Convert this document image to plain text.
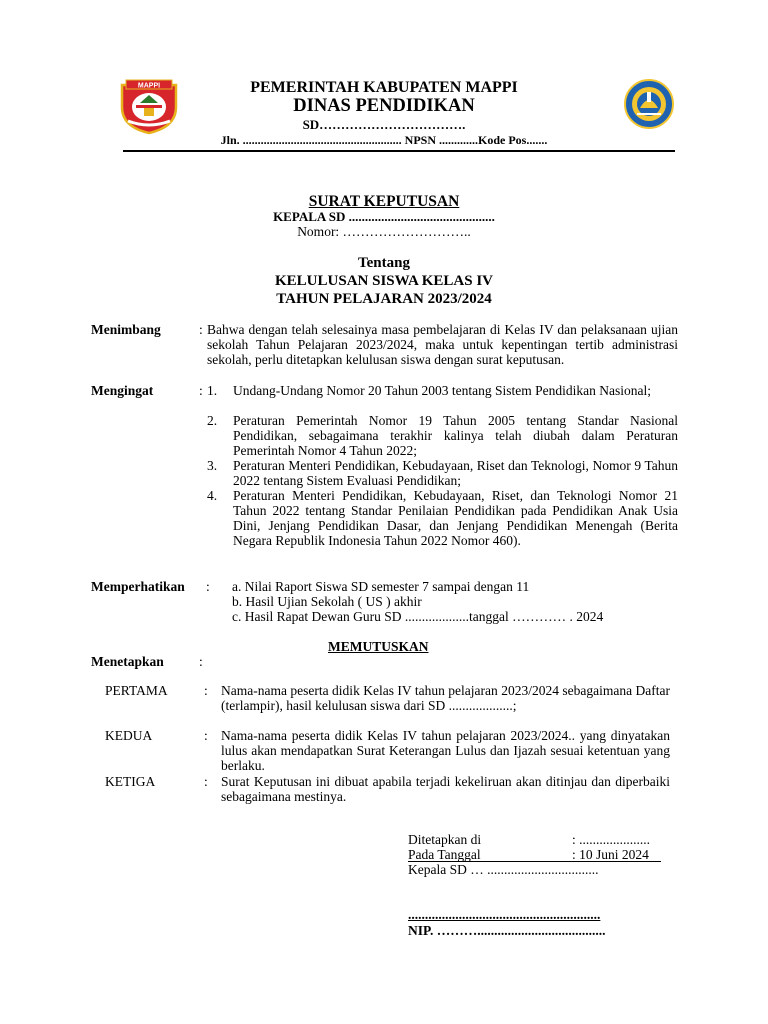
MAPPI	PEMERINTAH KABUPATEN MAPPI
DINAS PENDIDIKAN
SD…………………………….
Jln. ..................................................... NPSN .............Kode Pos.......
SURAT KEPUTUSAN
KEPALA SD .............................................
Nomor: ………………………..
Tentang
KELULUSAN SISWA KELAS IV
TAHUN PELAJARAN 2023/2024
Menimbang	: Bahwa dengan telah selesainya masa pembelajaran di Kelas IV dan pelaksanaan ujian sekolah Tahun Pelajaran 2023/2024, maka untuk kepentingan tertib administrasi sekolah, perlu ditetapkan kelulusan siswa dengan surat keputusan.
Mengingat	: 1. Undang-Undang Nomor 20 Tahun 2003 tentang Sistem Pendidikan Nasional;
2. Peraturan Pemerintah Nomor 19 Tahun 2005 tentang Standar Nasional Pendidikan, sebagaimana terakhir kalinya telah diubah dalam Peraturan Pemerintah Nomor 4 Tahun 2022;
3. Peraturan Menteri Pendidikan, Kebudayaan, Riset dan Teknologi, Nomor 9 Tahun 2022 tentang Sistem Evaluasi Pendidikan;
4. Peraturan Menteri Pendidikan, Kebudayaan, Riset, dan Teknologi Nomor 21 Tahun 2022 tentang Standar Penilaian Pendidikan pada Pendidikan Anak Usia Dini, Jenjang Pendidikan Dasar, dan Jenjang Pendidikan Menengah (Berita Negara Republik Indonesia Tahun 2022 Nomor 460).
Memperhatikan : a. Nilai Raport Siswa SD semester 7 sampai dengan 11
b. Hasil Ujian Sekolah ( US ) akhir
c. Hasil Rapat Dewan Guru SD ...................tanggal ………… . 2024
MEMUTUSKAN
Menetapkan	:
PERTAMA	: Nama-nama peserta didik Kelas IV tahun pelajaran 2023/2024 sebagaimana Daftar (terlampir), hasil kelulusan siswa dari SD ...................;
KEDUA	: Nama-nama peserta didik Kelas IV tahun pelajaran 2023/2024.. yang dinyatakan lulus akan mendapatkan Surat Keterangan Lulus dan Ijazah sesuai ketentuan yang berlaku.
KETIGA	: Surat Keputusan ini dibuat apabila terjadi kekeliruan akan ditinjau dan diperbaiki sebagaimana mestinya.
Ditetapkan di	: .....................
Pada Tanggal	: 10 Juni 2024
Kepala SD … .................................
.........................................................
NIP. ………......................................
